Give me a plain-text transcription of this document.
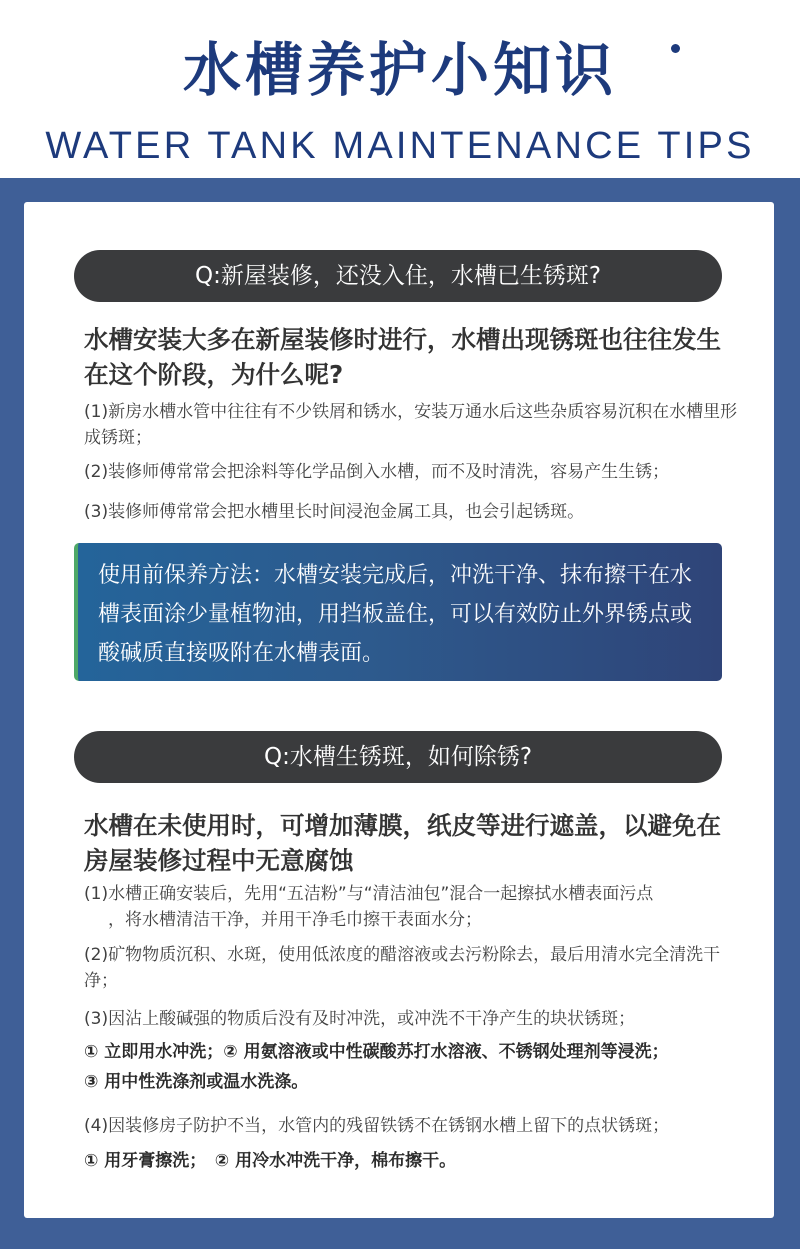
水槽养护小知识
WATER TANK MAINTENANCE TIPS
Q:新屋装修，还没入住，水槽已生锈斑?
水槽安装大多在新屋装修时进行，水槽出现锈斑也往往发生在这个阶段，为什么呢?
(1)新房水槽水管中往往有不少铁屑和锈水，安装万通水后这些杂质容易沉积在水槽里形成锈斑；
(2)装修师傅常常会把涂料等化学品倒入水槽，而不及时清洗，容易产生生锈；
(3)装修师傅常常会把水槽里长时间浸泡金属工具，也会引起锈斑。
使用前保养方法：水槽安装完成后，冲洗干净、抹布擦干在水槽表面涂少量植物油，用挡板盖住，可以有效防止外界锈点或酸碱质直接吸附在水槽表面。
Q:水槽生锈斑，如何除锈?
水槽在未使用时，可增加薄膜，纸皮等进行遮盖，以避免在房屋装修过程中无意腐蚀
(1)水槽正确安装后，先用“五洁粉”与“清洁油包”混合一起擦拭水槽表面污点
，将水槽清洁干净，并用干净毛巾擦干表面水分；
(2)矿物物质沉积、水斑，使用低浓度的醋溶液或去污粉除去，最后用清水完全清洗干净；
(3)因沾上酸碱强的物质后没有及时冲洗，或冲洗不干净产生的块状锈斑；
① 立即用水冲洗；② 用氨溶液或中性碳酸苏打水溶液、不锈钢处理剂等浸洗；
③ 用中性洗涤剂或温水洗涤。
(4)因装修房子防护不当，水管内的残留铁锈不在锈钢水槽上留下的点状锈斑；
① 用牙膏擦洗；　② 用冷水冲洗干净，棉布擦干。
